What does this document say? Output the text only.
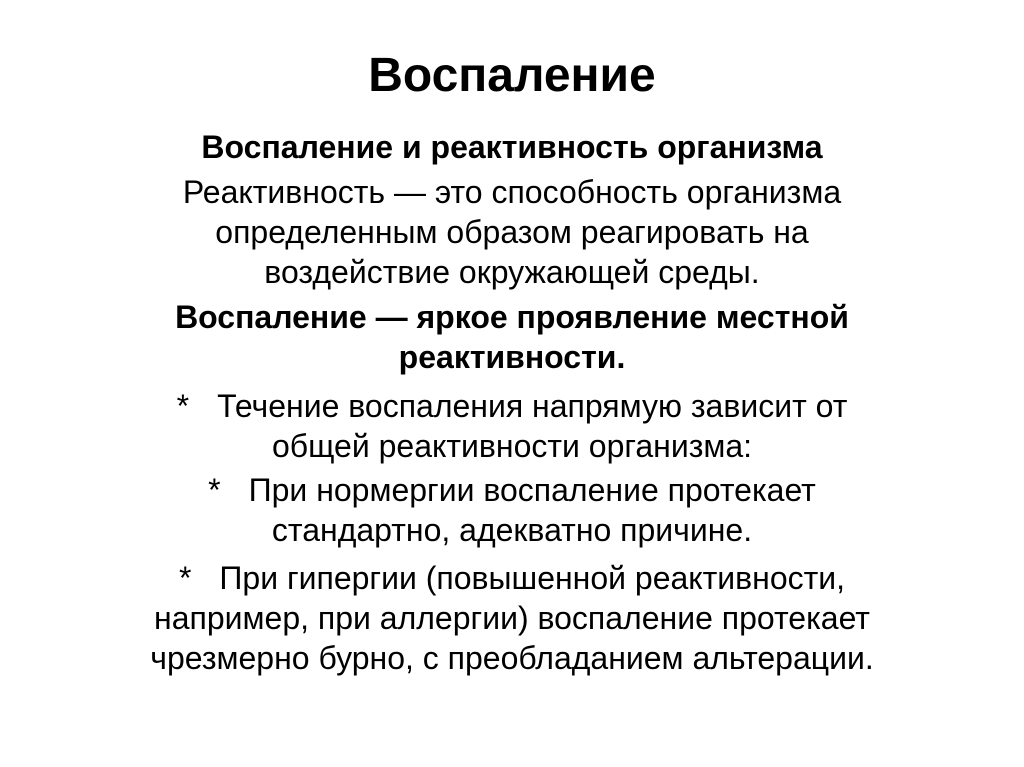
Воспаление

Воспаление и реактивность организма

Реактивность — это способность организма
определенным образом реагировать на
воздействие окружающей среды.

Воспаление — яркое проявление местной
реактивности.

* Течение воспаления напрямую зависит от
общей реактивности организма:

* При нормергии воспаление протекает
стандартно, адекватно причине.

* При гипергии (повышенной реактивности,
например, при аллергии) воспаление протекает
чрезмерно бурно, с преобладанием альтерации.
